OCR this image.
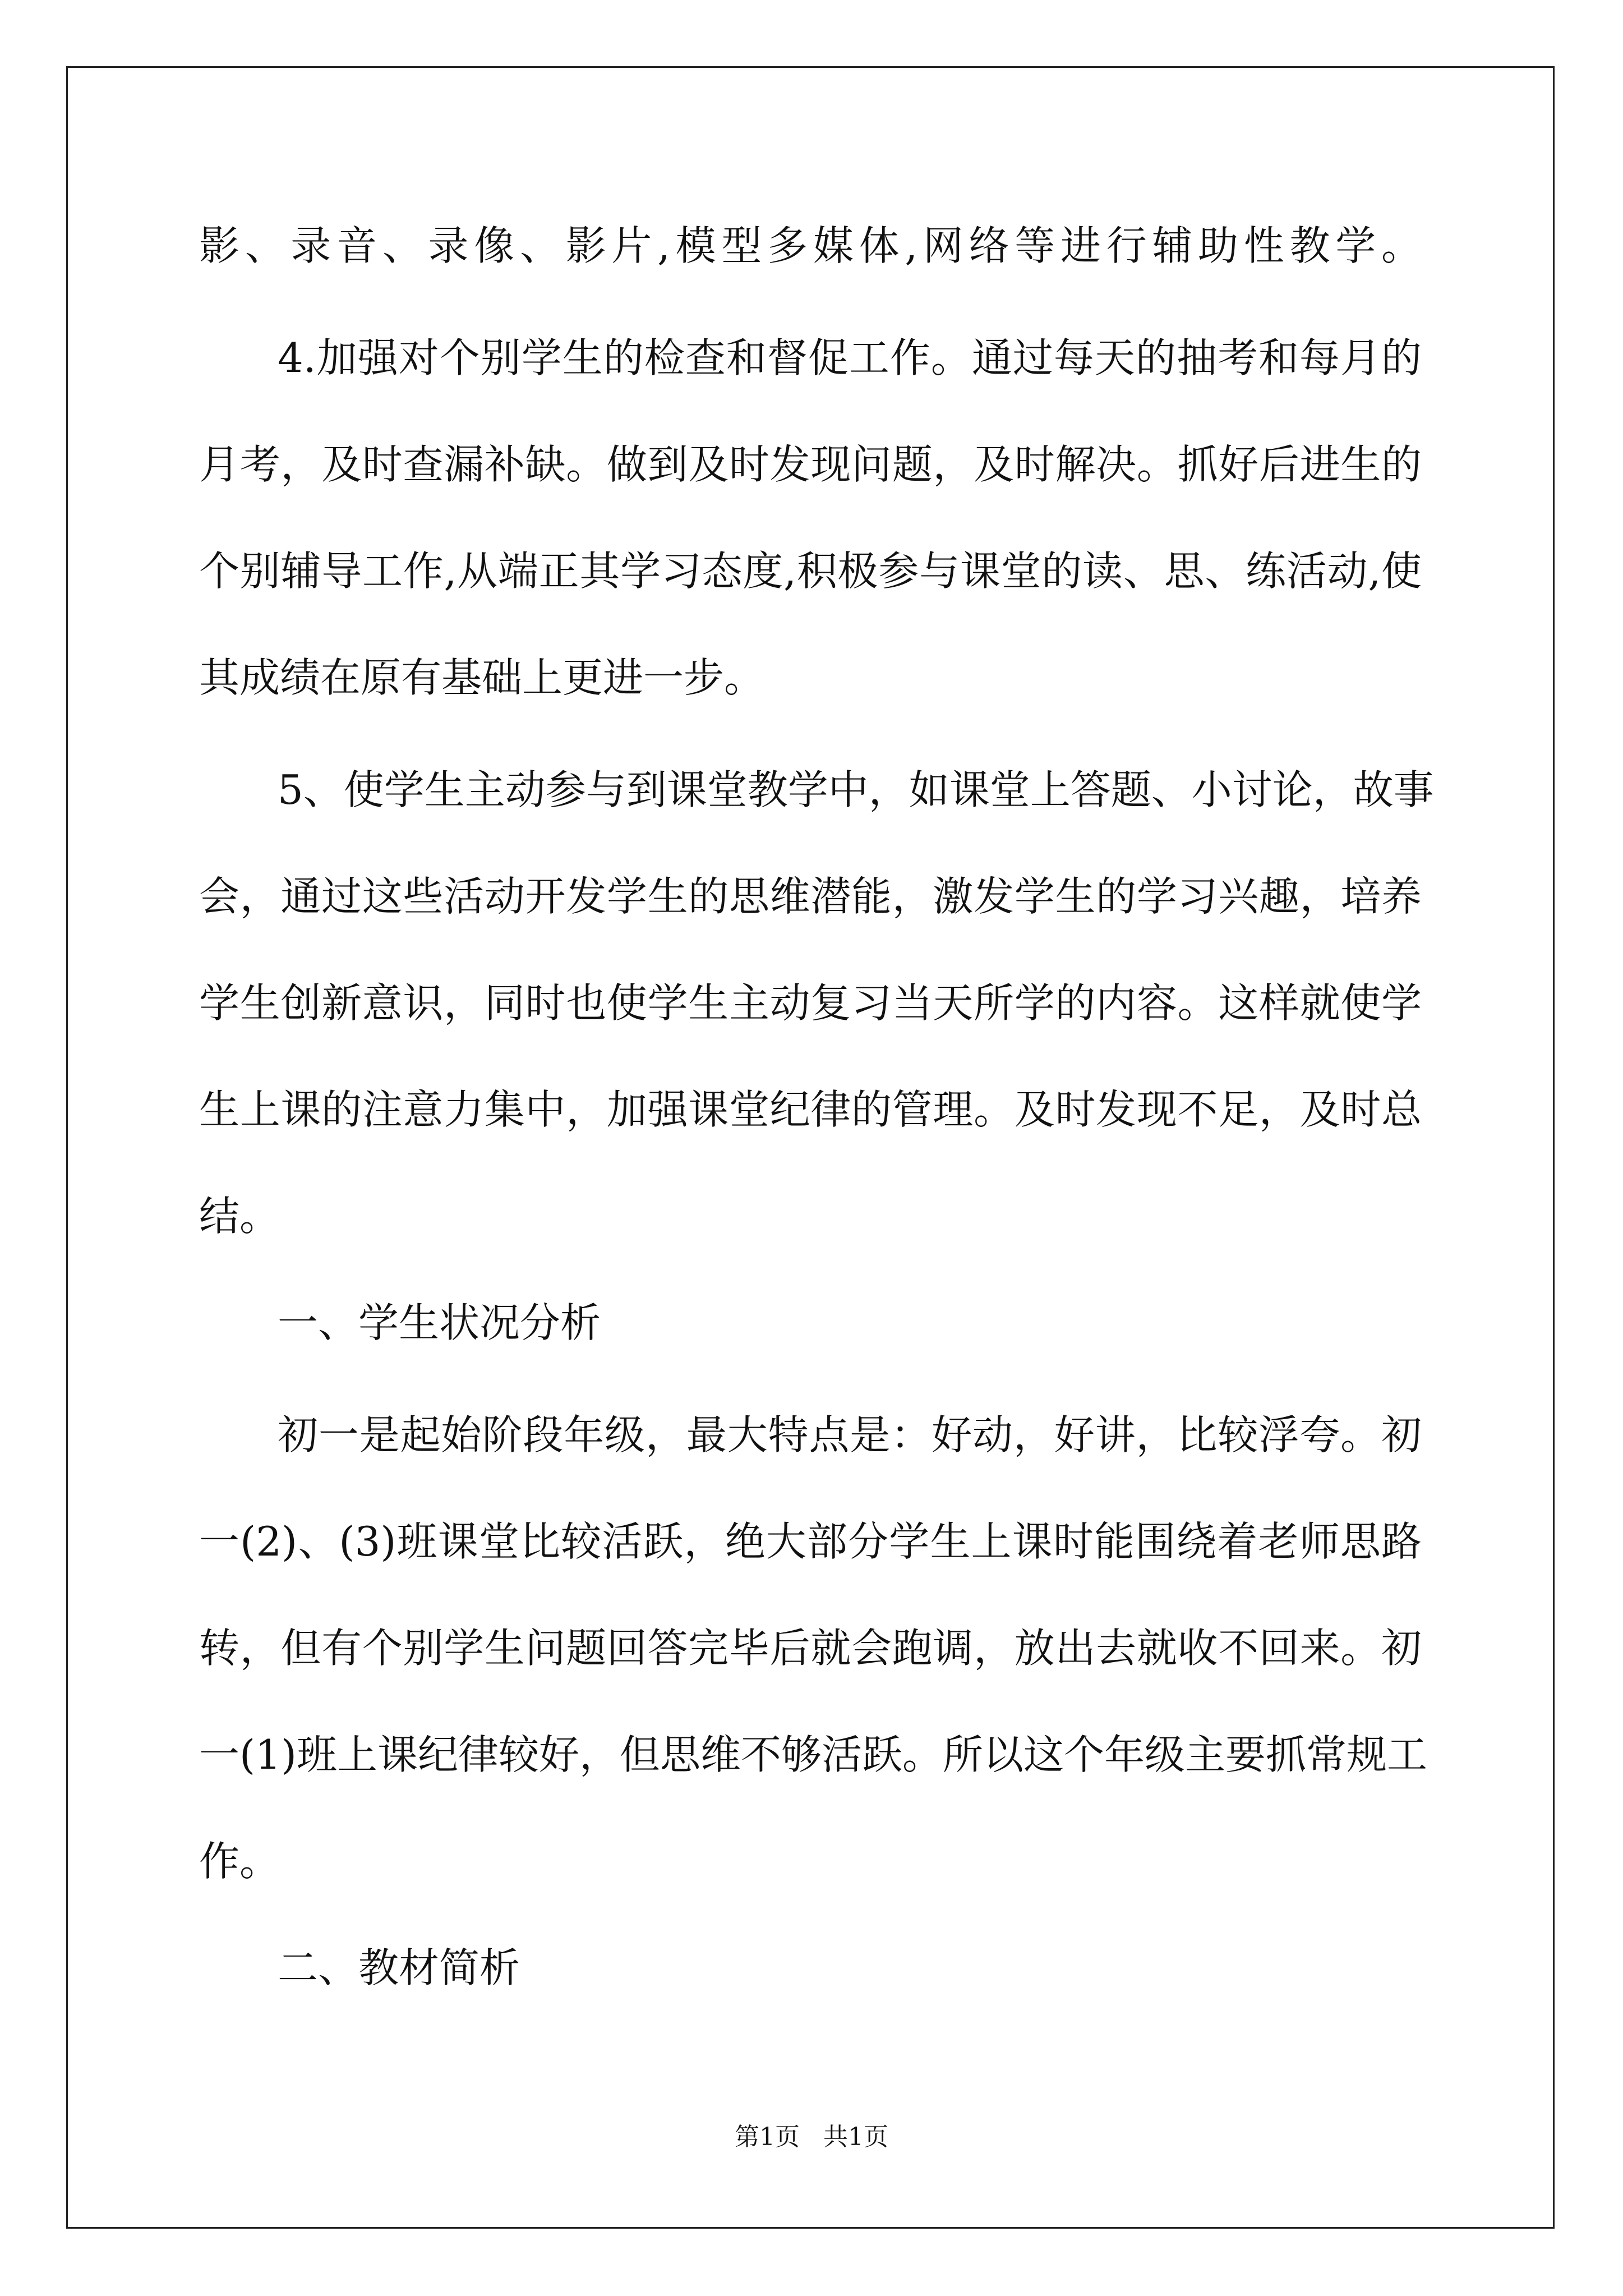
影、录音、录像、影片,模型多媒体,网络等进行辅助性教学。
4.加强对个别学生的检查和督促工作。通过每天的抽考和每月的
月考，及时查漏补缺。做到及时发现问题，及时解决。抓好后进生的
个别辅导工作,从端正其学习态度,积极参与课堂的读、思、练活动,使
其成绩在原有基础上更进一步。
5、使学生主动参与到课堂教学中，如课堂上答题、小讨论，故事
会，通过这些活动开发学生的思维潜能，激发学生的学习兴趣，培养
学生创新意识，同时也使学生主动复习当天所学的内容。这样就使学
生上课的注意力集中，加强课堂纪律的管理。及时发现不足，及时总
结。
一、学生状况分析
初一是起始阶段年级，最大特点是：好动，好讲，比较浮夸。初
一(2)、(3)班课堂比较活跃，绝大部分学生上课时能围绕着老师思路
转，但有个别学生问题回答完毕后就会跑调，放出去就收不回来。初
一(1)班上课纪律较好，但思维不够活跃。所以这个年级主要抓常规工
作。
二、教材简析
第1页   共1页
